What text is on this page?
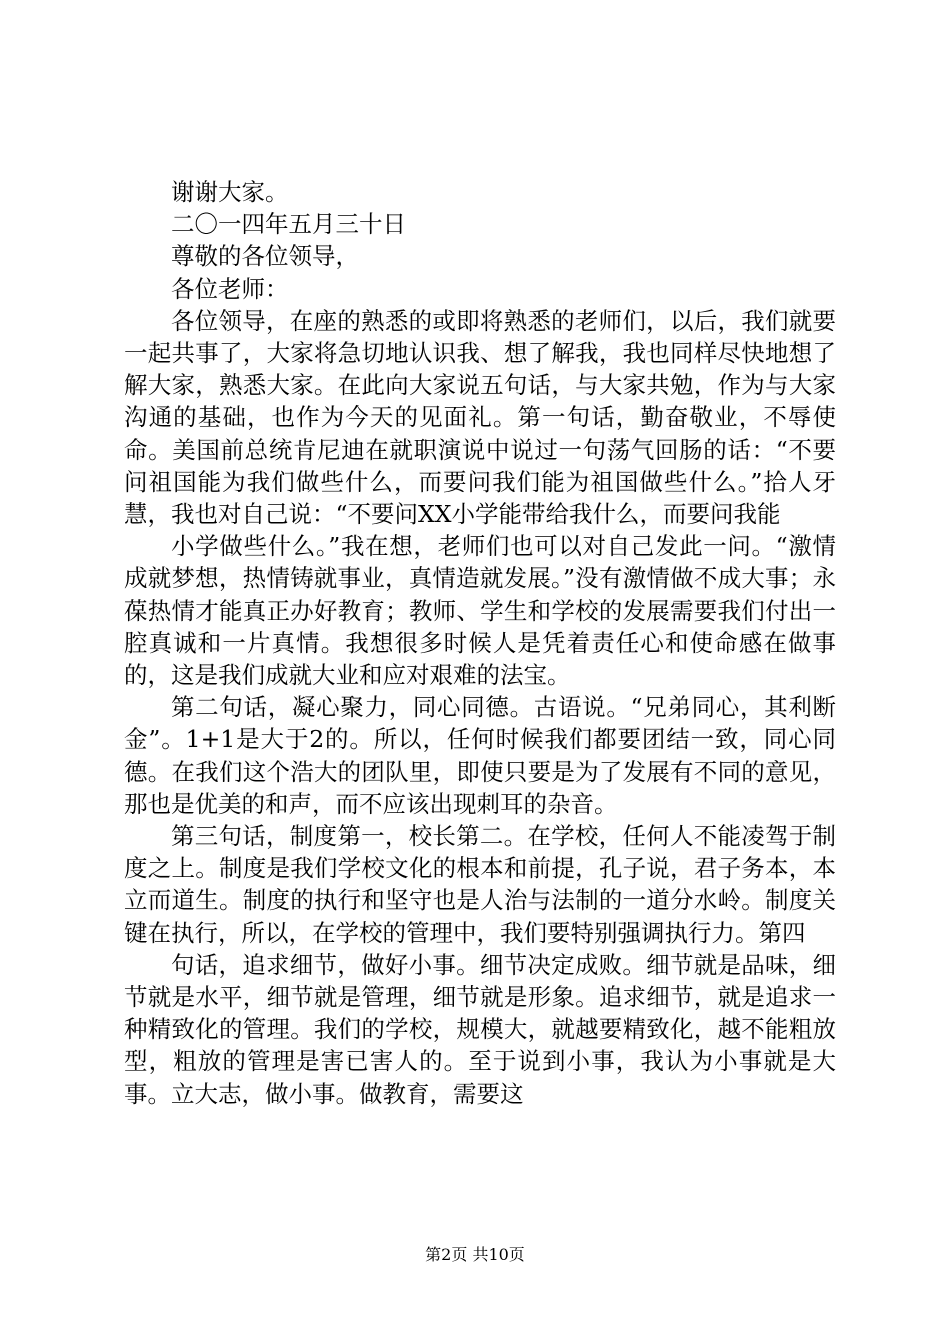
谢谢大家。

二〇一四年五月三十日

尊敬的各位领导，

各位老师：

各位领导，在座的熟悉的或即将熟悉的老师们，以后，我们就要一起共事了，大家将急切地认识我、想了解我，我也同样尽快地想了解大家，熟悉大家。在此向大家说五句话，与大家共勉，作为与大家沟通的基础，也作为今天的见面礼。第一句话，勤奋敬业，不辱使命。美国前总统肯尼迪在就职演说中说过一句荡气回肠的话：“不要问祖国能为我们做些什么，而要问我们能为祖国做些什么。”拾人牙慧，我也对自己说：“不要问XX小学能带给我什么，而要问我能

小学做些什么。”我在想，老师们也可以对自己发此一问。“激情成就梦想，热情铸就事业，真情造就发展。”没有激情做不成大事；永葆热情才能真正办好教育；教师、学生和学校的发展需要我们付出一腔真诚和一片真情。我想很多时候人是凭着责任心和使命感在做事的，这是我们成就大业和应对艰难的法宝。

第二句话，凝心聚力，同心同德。古语说。“兄弟同心，其利断金”。1+1是大于2的。所以，任何时候我们都要团结一致，同心同德。在我们这个浩大的团队里，即使只要是为了发展有不同的意见，那也是优美的和声，而不应该出现刺耳的杂音。

第三句话，制度第一，校长第二。在学校，任何人不能凌驾于制度之上。制度是我们学校文化的根本和前提，孔子说，君子务本，本立而道生。制度的执行和坚守也是人治与法制的一道分水岭。制度关键在执行，所以，在学校的管理中，我们要特别强调执行力。第四

句话，追求细节，做好小事。细节决定成败。细节就是品味，细节就是水平，细节就是管理，细节就是形象。追求细节，就是追求一种精致化的管理。我们的学校，规模大，就越要精致化，越不能粗放型，粗放的管理是害已害人的。至于说到小事，我认为小事就是大事。立大志，做小事。做教育，需要这

第2页 共10页
